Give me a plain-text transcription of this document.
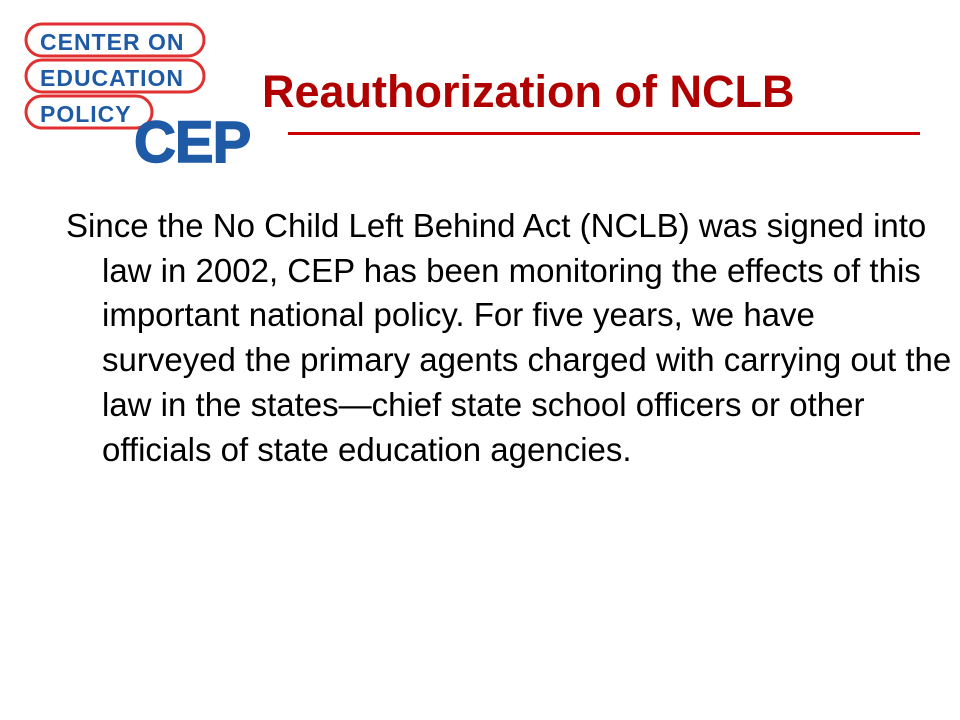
CENTER ON
EDUCATION
POLICY CEP
Reauthorization of NCLB

Since the No Child Left Behind Act (NCLB) was signed into law in 2002, CEP has been monitoring the effects of this important national policy. For five years, we have surveyed the primary agents charged with carrying out the law in the states—chief state school officers or other officials of state education agencies.
